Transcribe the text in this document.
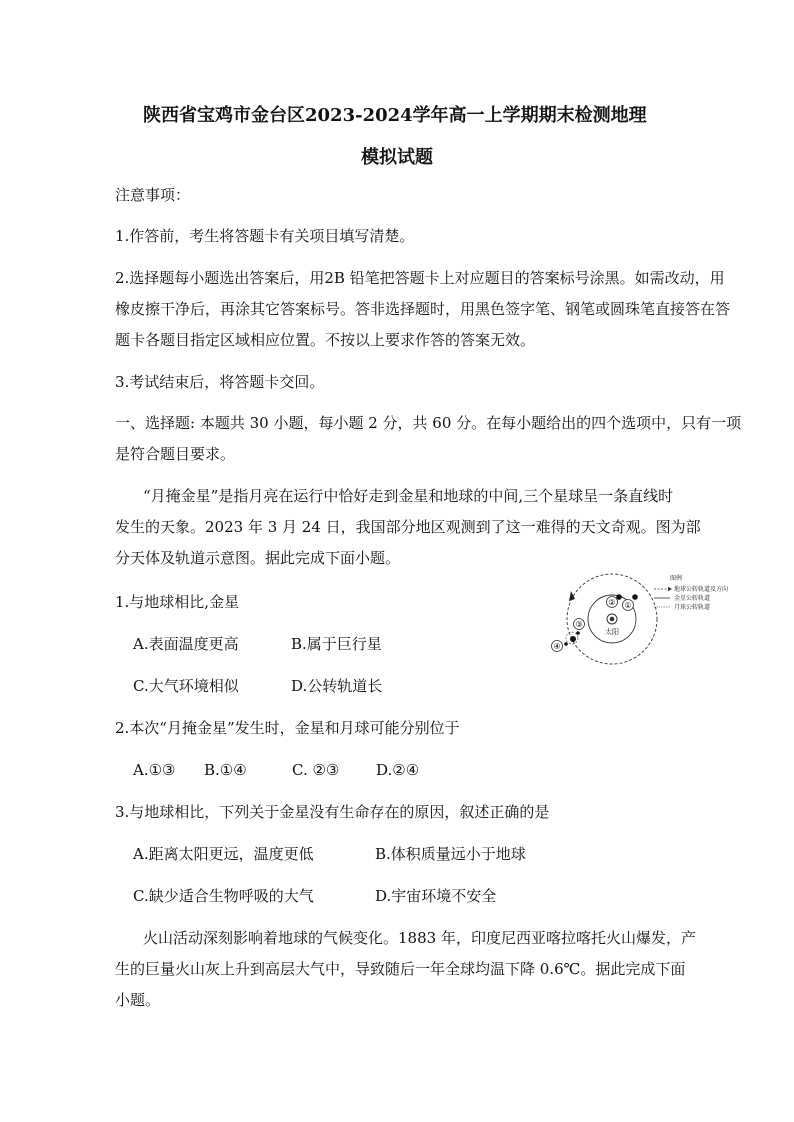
陕西省宝鸡市金台区2023-2024学年高一上学期期末检测地理
模拟试题
注意事项：
1.作答前，考生将答题卡有关项目填写清楚。
2.选择题每小题选出答案后，用2B 铅笔把答题卡上对应题目的答案标号涂黑。如需改动，用
橡皮擦干净后，再涂其它答案标号。答非选择题时，用黑色签字笔、钢笔或圆珠笔直接答在答
题卡各题目指定区域相应位置。不按以上要求作答的答案无效。
3.考试结束后，将答题卡交回。
一、选择题: 本题共 30 小题，每小题 2 分，共 60 分。在每小题给出的四个选项中，只有一项
是符合题目要求。
“月掩金星”是指月亮在运行中恰好走到金星和地球的中间,三个星球呈一条直线时
发生的天象。2023 年 3 月 24 日，我国部分地区观测到了这一难得的天文奇观。图为部
分天体及轨道示意图。据此完成下面小题。
太阳
①
②
③
④
图例
地球公转轨道及方向
金星公转轨道
月球公转轨道
1.与地球相比,金星
A.表面温度更高	B.属于巨行星
C.大气环境相似	D.公转轨道长
2.本次“月掩金星”发生时，金星和月球可能分别位于
A.①③ B.①④	C. ②③ D.②④
3.与地球相比，下列关于金星没有生命存在的原因，叙述正确的是
A.距离太阳更远，温度更低	B.体积质量远小于地球
C.缺少适合生物呼吸的大气	D.宇宙环境不安全
火山活动深刻影响着地球的气候变化。1883 年，印度尼西亚喀拉喀托火山爆发，产
生的巨量火山灰上升到高层大气中，导致随后一年全球均温下降 0.6℃。据此完成下面
小题。
